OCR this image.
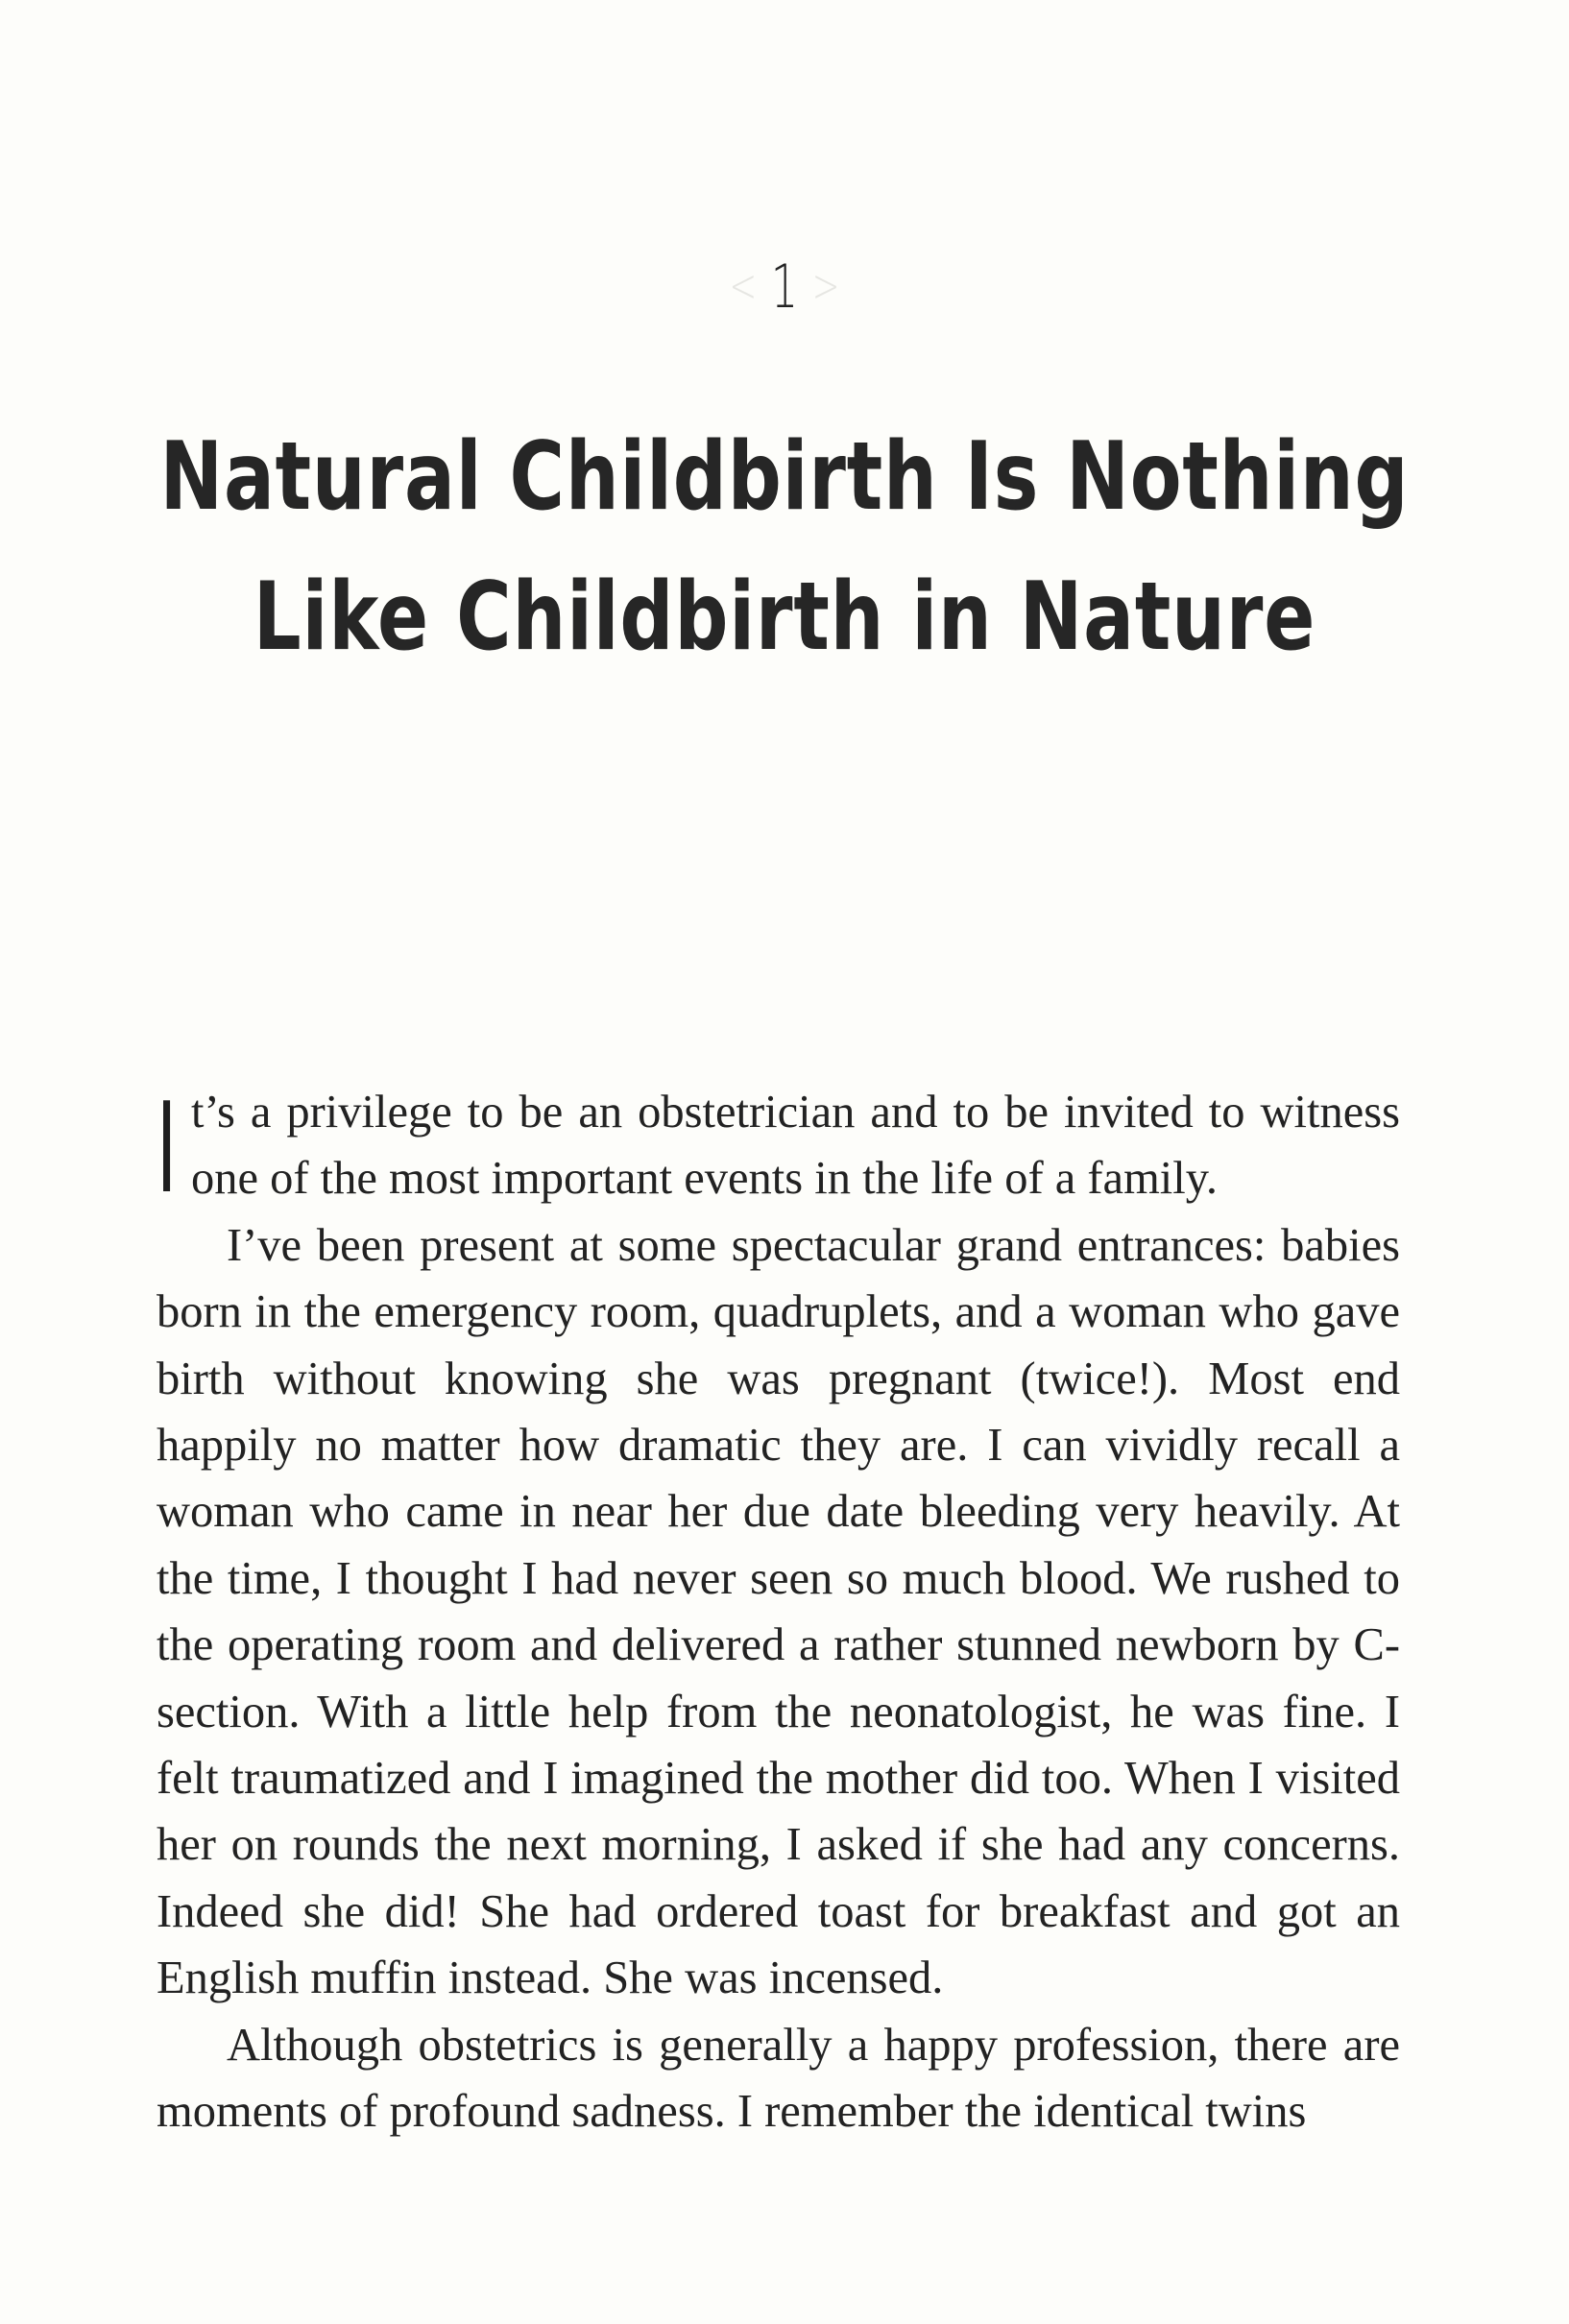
< 1 >
Natural Childbirth Is Nothing
Like Childbirth in Nature

It’s a privilege to be an obstetrician and to be invited to witness one of the most important events in the life of a family.

I’ve been present at some spectacular grand entrances: babies born in the emergency room, quadruplets, and a woman who gave birth without knowing she was pregnant (twice!). Most end happily no matter how dramatic they are. I can vividly recall a woman who came in near her due date bleeding very heavily. At the time, I thought I had never seen so much blood. We rushed to the operating room and delivered a rather stunned newborn by C-section. With a little help from the neonatologist, he was fine. I felt traumatized and I imagined the mother did too. When I visited her on rounds the next morning, I asked if she had any concerns. Indeed she did! She had ordered toast for breakfast and got an English muffin instead. She was incensed.

Although obstetrics is generally a happy profession, there are moments of profound sadness. I remember the identical twins
